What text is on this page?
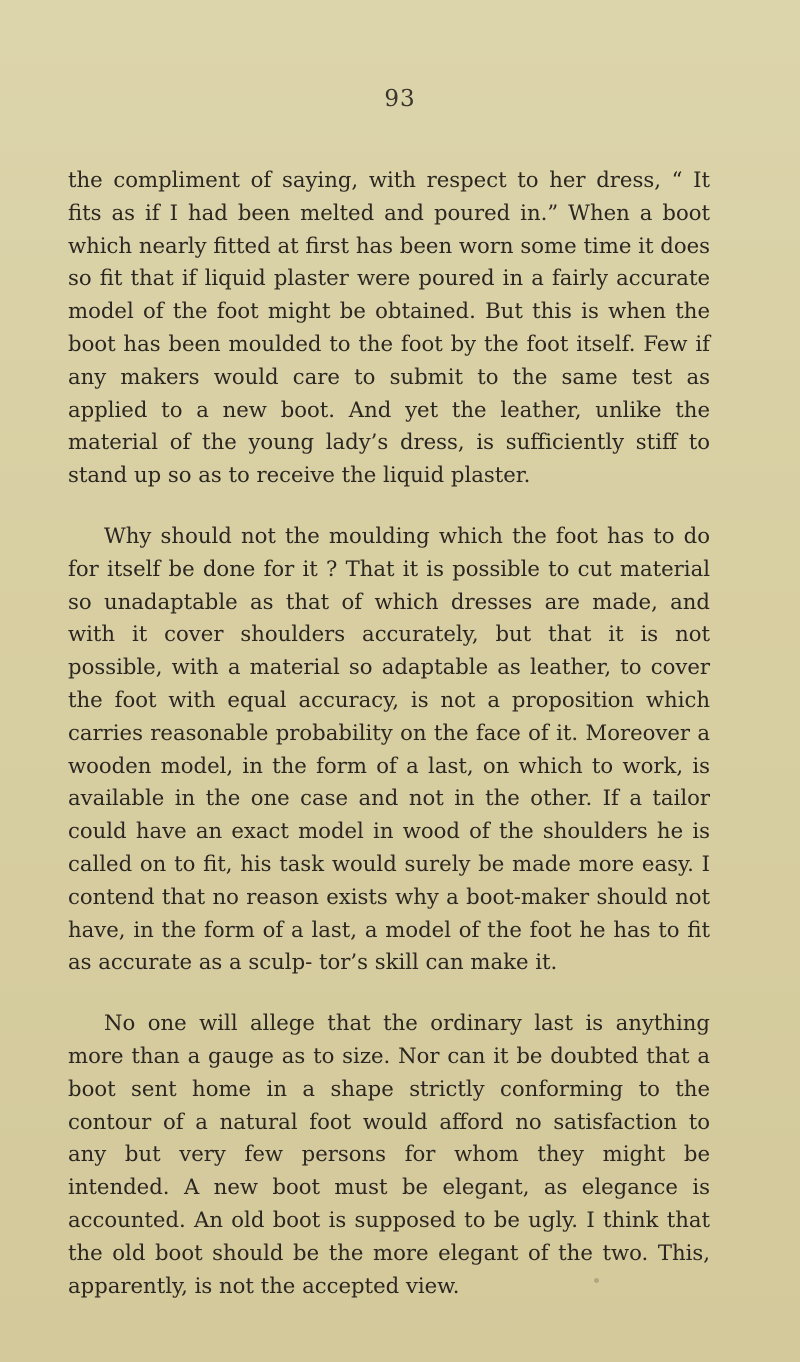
93

the compliment of saying, with respect to her dress, “ It fits as if I had been melted and poured in.” When a boot which nearly fitted at first has been worn some time it does so fit that if liquid plaster were poured in a fairly accurate model of the foot might be obtained. But this is when the boot has been moulded to the foot by the foot itself. Few if any makers would care to submit to the same test as applied to a new boot. And yet the leather, unlike the material of the young lady’s dress, is sufficiently stiff to stand up so as to receive the liquid plaster.

Why should not the moulding which the foot has to do for itself be done for it ? That it is possible to cut material so unadaptable as that of which dresses are made, and with it cover shoulders accurately, but that it is not possible, with a material so adaptable as leather, to cover the foot with equal accuracy, is not a proposition which carries reasonable probability on the face of it. Moreover a wooden model, in the form of a last, on which to work, is available in the one case and not in the other. If a tailor could have an exact model in wood of the shoulders he is called on to fit, his task would surely be made more easy. I contend that no reason exists why a boot-maker should not have, in the form of a last, a model of the foot he has to fit as accurate as a sculp- tor’s skill can make it.

No one will allege that the ordinary last is anything more than a gauge as to size. Nor can it be doubted that a boot sent home in a shape strictly conforming to the contour of a natural foot would afford no satisfaction to any but very few persons for whom they might be intended. A new boot must be elegant, as elegance is accounted. An old boot is supposed to be ugly. I think that the old boot should be the more elegant of the two. This, apparently, is not the accepted view.
